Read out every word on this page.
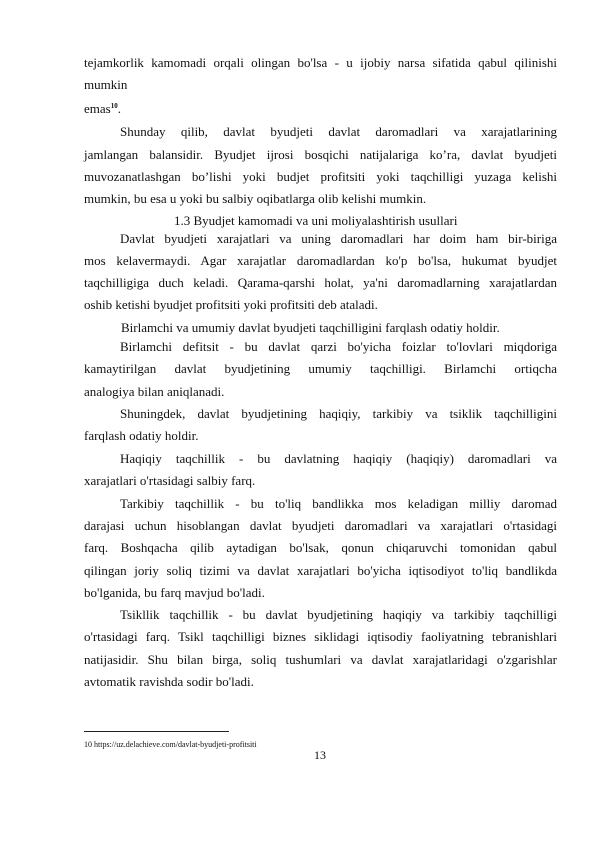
tejamkorlik kamomadi orqali olingan bo'lsa - u ijobiy narsa sifatida qabul qilinishi
mumkin
emas$^{10}$.
Shunday qilib, davlat byudjeti davlat daromadlari va xarajatlarining
jamlangan balansidir. Byudjet ijrosi bosqichi natijalariga ko’ra, davlat byudjeti
muvozanatlashgan bo’lishi yoki budjet profitsiti yoki taqchilligi yuzaga kelishi
mumkin, bu esa u yoki bu salbiy oqibatlarga olib kelishi mumkin.
1.3 Byudjet kamomadi va uni moliyalashtirish usullari
Davlat byudjeti xarajatlari va uning daromadlari har doim ham bir-biriga
mos kelavermaydi. Agar xarajatlar daromadlardan ko'p bo'lsa, hukumat byudjet
taqchilligiga duch keladi. Qarama-qarshi holat, ya'ni daromadlarning xarajatlardan
oshib ketishi byudjet profitsiti yoki profitsiti deb ataladi.
Birlamchi va umumiy davlat byudjeti taqchilligini farqlash odatiy holdir.
Birlamchi defitsit - bu davlat qarzi bo'yicha foizlar to'lovlari miqdoriga
kamaytirilgan davlat byudjetining umumiy taqchilligi. Birlamchi ortiqcha
analogiya bilan aniqlanadi.
Shuningdek, davlat byudjetining haqiqiy, tarkibiy va tsiklik taqchilligini
farqlash odatiy holdir.
Haqiqiy taqchillik - bu davlatning haqiqiy (haqiqiy) daromadlari va
xarajatlari o'rtasidagi salbiy farq.
Tarkibiy taqchillik - bu to'liq bandlikka mos keladigan milliy daromad
darajasi uchun hisoblangan davlat byudjeti daromadlari va xarajatlari o'rtasidagi
farq. Boshqacha qilib aytadigan bo'lsak, qonun chiqaruvchi tomonidan qabul
qilingan joriy soliq tizimi va davlat xarajatlari bo'yicha iqtisodiyot to'liq bandlikda
bo'lganida, bu farq mavjud bo'ladi.
Tsikllik taqchillik - bu davlat byudjetining haqiqiy va tarkibiy taqchilligi
o'rtasidagi farq. Tsikl taqchilligi biznes siklidagi iqtisodiy faoliyatning tebranishlari
natijasidir. Shu bilan birga, soliq tushumlari va davlat xarajatlaridagi o'zgarishlar
avtomatik ravishda sodir bo'ladi.
10 https://uz.delachieve.com/davlat-byudjeti-profitsiti
13
